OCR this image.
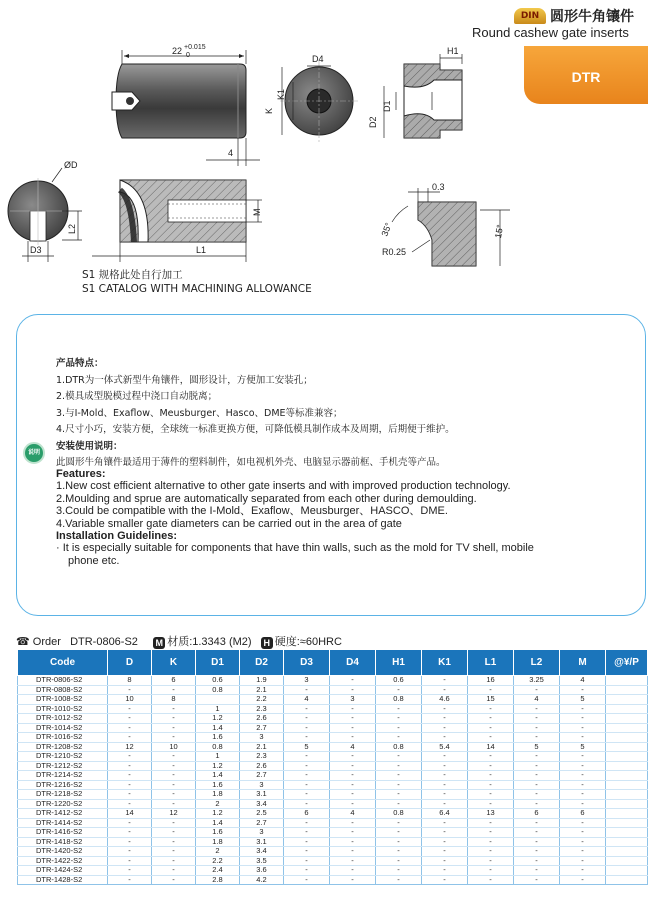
DIN 圆形牛角镶件
Round cashew gate inserts
DTR
22 +0.015
0
4
D4
K
K1
H1
D2
D1
ØD
L2
D3
M
L1
0.3
35°	15°
R0.25
S1 规格此处自行加工
S1 CATALOG WITH MACHINING ALLOWANCE
说明
产品特点：
1.DTR为一体式新型牛角镶件，圆形设计，方便加工安装孔；
2.模具成型脱模过程中浇口自动脱离；
3.与I-Mold、Exaflow、Meusburger、Hasco、DME等标准兼容；
4.尺寸小巧，安装方便，全球统一标准更换方便，可降低模具制作成本及周期，后期便于维护。
安装使用说明：
此圆形牛角镶件最适用于薄件的塑料制件，如电视机外壳、电脑显示器前框、手机壳等产品。
Features:
1.New cost efficient alternative to other gate inserts and with improved production technology.
2.Moulding and sprue are automatically separated from each other during demoulding.
3.Could be compatible with the I-Mold、Exaflow、Meusburger、HASCO、DME.
4.Variable smaller gate diameters can be carried out in the area of gate
Installation Guidelines:
· It is especially suitable for components that have thin walls, such as the mold for TV shell, mobile
phone etc.
☎ Order DTR-0806-S2 M 材质:1.3343 (M2) H 硬度:≈60HRC
Code	D	K	D1	D2	D3	D4	H1	K1	L1	L2	M	@¥/P
DTR-0806-S2	8	6	0.6	1.9	3	-	0.6	-	16	3.25	4	
DTR-0808-S2	-	-	0.8	2.1	-	-	-	-	-	-	-	
DTR-1008-S2	10	8		2.2	4	3	0.8	4.6	15	4	5	
DTR-1010-S2	-	-	1	2.3	-	-	-	-	-	-	-	
DTR-1012-S2	-	-	1.2	2.6	-	-	-	-	-	-	-	
DTR-1014-S2	-	-	1.4	2.7	-	-	-	-	-	-	-	
DTR-1016-S2	-	-	1.6	3	-	-	-	-	-	-	-	
DTR-1208-S2	12	10	0.8	2.1	5	4	0.8	5.4	14	5	5	
DTR-1210-S2	-	-	1	2.3	-	-	-	-	-	-	-	
DTR-1212-S2	-	-	1.2	2.6	-	-	-	-	-	-	-	
DTR-1214-S2	-	-	1.4	2.7	-	-	-	-	-	-	-	
DTR-1216-S2	-	-	1.6	3	-	-	-	-	-	-	-	
DTR-1218-S2	-	-	1.8	3.1	-	-	-	-	-	-	-	
DTR-1220-S2	-	-	2	3.4	-	-	-	-	-	-	-	
DTR-1412-S2	14	12	1.2	2.5	6	4	0.8	6.4	13	6	6	
DTR-1414-S2	-	-	1.4	2.7	-	-	-	-	-	-	-	
DTR-1416-S2	-	-	1.6	3	-	-	-	-	-	-	-	
DTR-1418-S2	-	-	1.8	3.1	-	-	-	-	-	-	-	
DTR-1420-S2	-	-	2	3.4	-	-	-	-	-	-	-	
DTR-1422-S2	-	-	2.2	3.5	-	-	-	-	-	-	-	
DTR-1424-S2	-	-	2.4	3.6	-	-	-	-	-	-	-	
DTR-1428-S2	-	-	2.8	4.2	-	-	-	-	-	-	-	
